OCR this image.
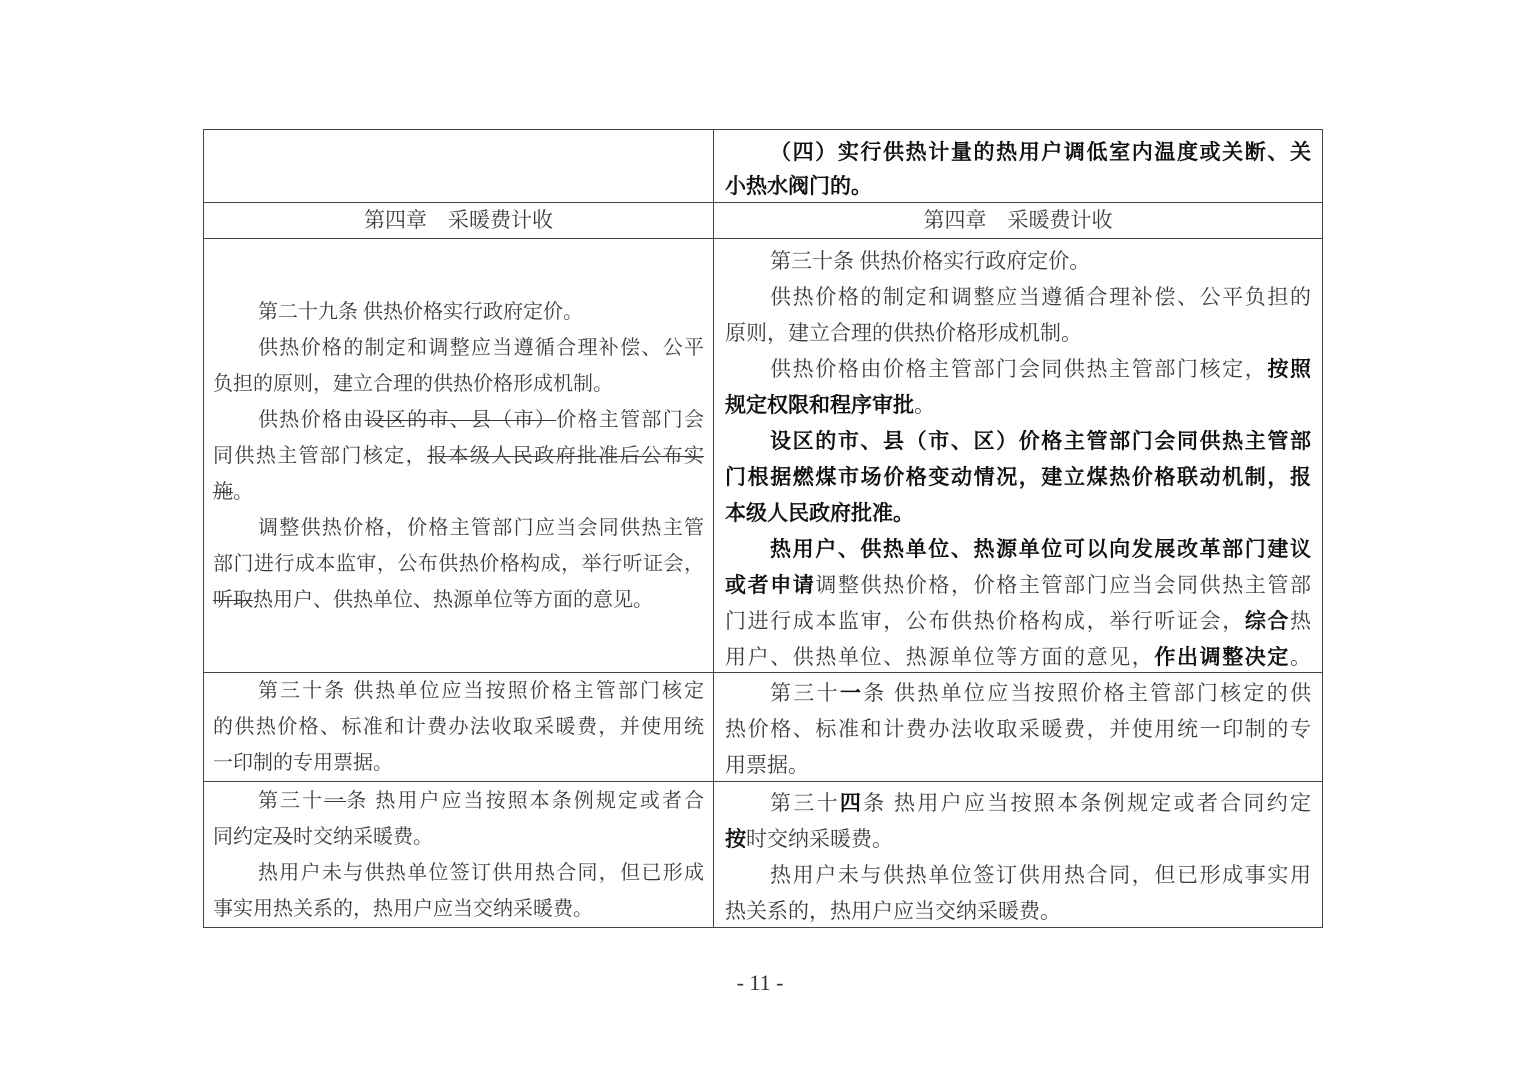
（四）实行供热计量的热用户调低室内温度或关断、关
小热水阀门的。
第四章　采暖费计收	第四章　采暖费计收
第二十九条 供热价格实行政府定价。
供热价格的制定和调整应当遵循合理补偿、公平
负担的原则，建立合理的供热价格形成机制。
供热价格由设区的市、县（市）价格主管部门会
同供热主管部门核定，报本级人民政府批准后公布实
施。
调整供热价格，价格主管部门应当会同供热主管
部门进行成本监审，公布供热价格构成，举行听证会，
听取热用户、供热单位、热源单位等方面的意见。
第三十条 供热价格实行政府定价。
供热价格的制定和调整应当遵循合理补偿、公平负担的
原则，建立合理的供热价格形成机制。
供热价格由价格主管部门会同供热主管部门核定，按照
规定权限和程序审批。
设区的市、县（市、区）价格主管部门会同供热主管部
门根据燃煤市场价格变动情况，建立煤热价格联动机制，报
本级人民政府批准。
热用户、供热单位、热源单位可以向发展改革部门建议
或者申请调整供热价格，价格主管部门应当会同供热主管部
门进行成本监审，公布供热价格构成，举行听证会，综合热
用户、供热单位、热源单位等方面的意见，作出调整决定。
第三十条 供热单位应当按照价格主管部门核定
的供热价格、标准和计费办法收取采暖费，并使用统
一印制的专用票据。
第三十一条 供热单位应当按照价格主管部门核定的供
热价格、标准和计费办法收取采暖费，并使用统一印制的专
用票据。
第三十一条 热用户应当按照本条例规定或者合
同约定及时交纳采暖费。
热用户未与供热单位签订供用热合同，但已形成
事实用热关系的，热用户应当交纳采暖费。
第三十四条 热用户应当按照本条例规定或者合同约定
按时交纳采暖费。
热用户未与供热单位签订供用热合同，但已形成事实用
热关系的，热用户应当交纳采暖费。
- 11 -
